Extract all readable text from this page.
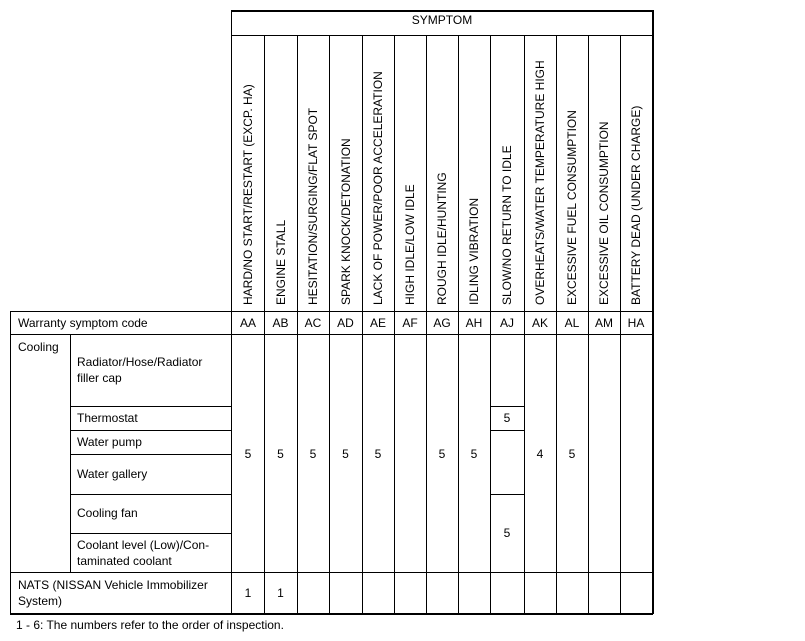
SYMPTOM
Warranty symptom code
Cooling
Radiator/Hose/Radiator filler cap
Thermostat
Water pump
Water gallery
Cooling fan
Coolant level (Low)/Con-taminated coolant
NATS (NISSAN Vehicle Immobilizer System)
1 - 6: The numbers refer to the order of inspection.
5
5
1	1
HARD/NO START/RESTART (EXCP. HA)
AA
5
ENGINE STALL
AB
5
HESITATION/SURGING/FLAT SPOT
AC
5
SPARK KNOCK/DETONATION
AD
5
LACK OF POWER/POOR ACCELERATION
AE
5
HIGH IDLE/LOW IDLE
AF
ROUGH IDLE/HUNTING
AG
5
IDLING VIBRATION
AH
5
SLOW/NO RETURN TO IDLE
AJ
OVERHEATS/WATER TEMPERATURE HIGH
AK
4
EXCESSIVE FUEL CONSUMPTION
AL
5
EXCESSIVE OIL CONSUMPTION
AM
BATTERY DEAD (UNDER CHARGE)
HA
